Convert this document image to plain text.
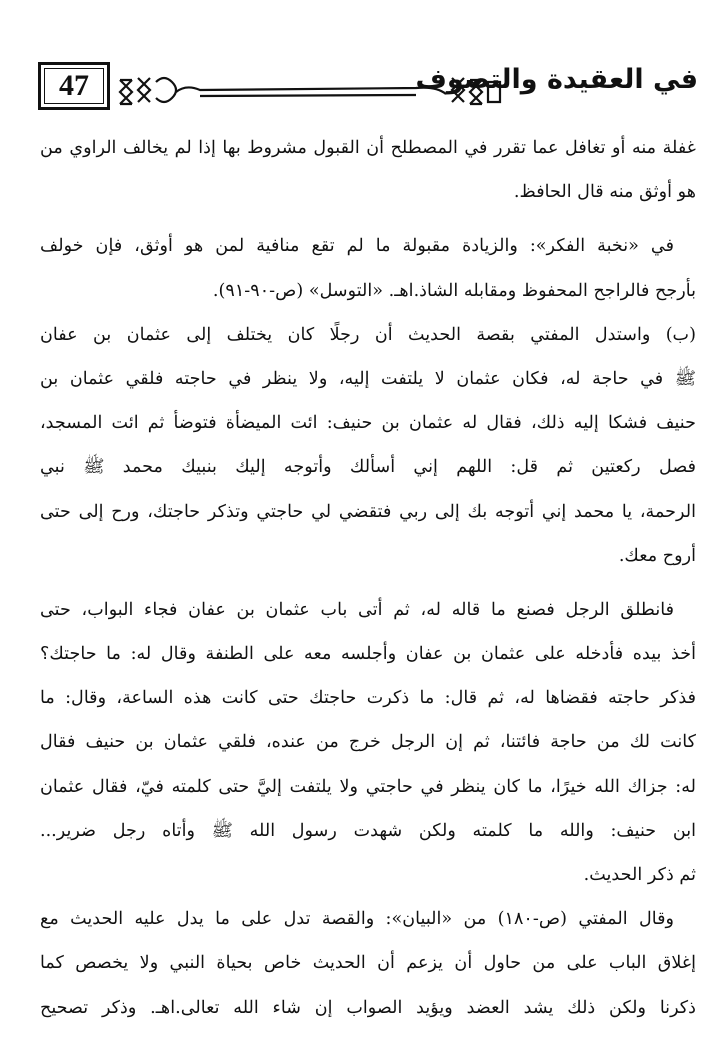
47	في العقيدة والتصوف
غفلة منه أو تغافل عما تقرر في المصطلح أن القبول مشروط بها إذا لم يخالف الراوي من
هو أوثق منه قال الحافظ.
في «نخبة الفكر»: والزيادة مقبولة ما لم تقع منافية لمن هو أوثق، فإن خولف
بأرجح فالراجح المحفوظ ومقابله الشاذ.اهـ. «التوسل» (ص-٩٠-٩١).
(ب) واستدل المفتي بقصة الحديث أن رجلًا كان يختلف إلى عثمان بن عفان
ﷺ في حاجة له، فكان عثمان لا يلتفت إليه، ولا ينظر في حاجته فلقي عثمان بن
حنيف فشكا إليه ذلك، فقال له عثمان بن حنيف: ائت الميضأة فتوضأ ثم ائت المسجد،
فصل ركعتين ثم قل: اللهم إني أسألك وأتوجه إليك بنبيك محمد ﷺ نبي
الرحمة، يا محمد إني أتوجه بك إلى ربي فتقضي لي حاجتي وتذكر حاجتك، ورح إلى حتى
أروح معك.
فانطلق الرجل فصنع ما قاله له، ثم أتى باب عثمان بن عفان فجاء البواب، حتى
أخذ بيده فأدخله على عثمان بن عفان وأجلسه معه على الطنفة وقال له: ما حاجتك؟
فذكر حاجته فقضاها له، ثم قال: ما ذكرت حاجتك حتى كانت هذه الساعة، وقال: ما
كانت لك من حاجة فائتنا، ثم إن الرجل خرج من عنده، فلقي عثمان بن حنيف فقال
له: جزاك الله خيرًا، ما كان ينظر في حاجتي ولا يلتفت إليَّ حتى كلمته فيّ، فقال عثمان
ابن حنيف: والله ما كلمته ولكن شهدت رسول الله ﷺ وأتاه رجل ضرير...
ثم ذكر الحديث.
وقال المفتي (ص-١٨٠) من «البيان»: والقصة تدل على ما يدل عليه الحديث مع
إغلاق الباب على من حاول أن يزعم أن الحديث خاص بحياة النبي ولا يخصص كما
ذكرنا ولكن ذلك يشد العضد ويؤيد الصواب إن شاء الله تعالى.اهـ. وذكر تصحيح
